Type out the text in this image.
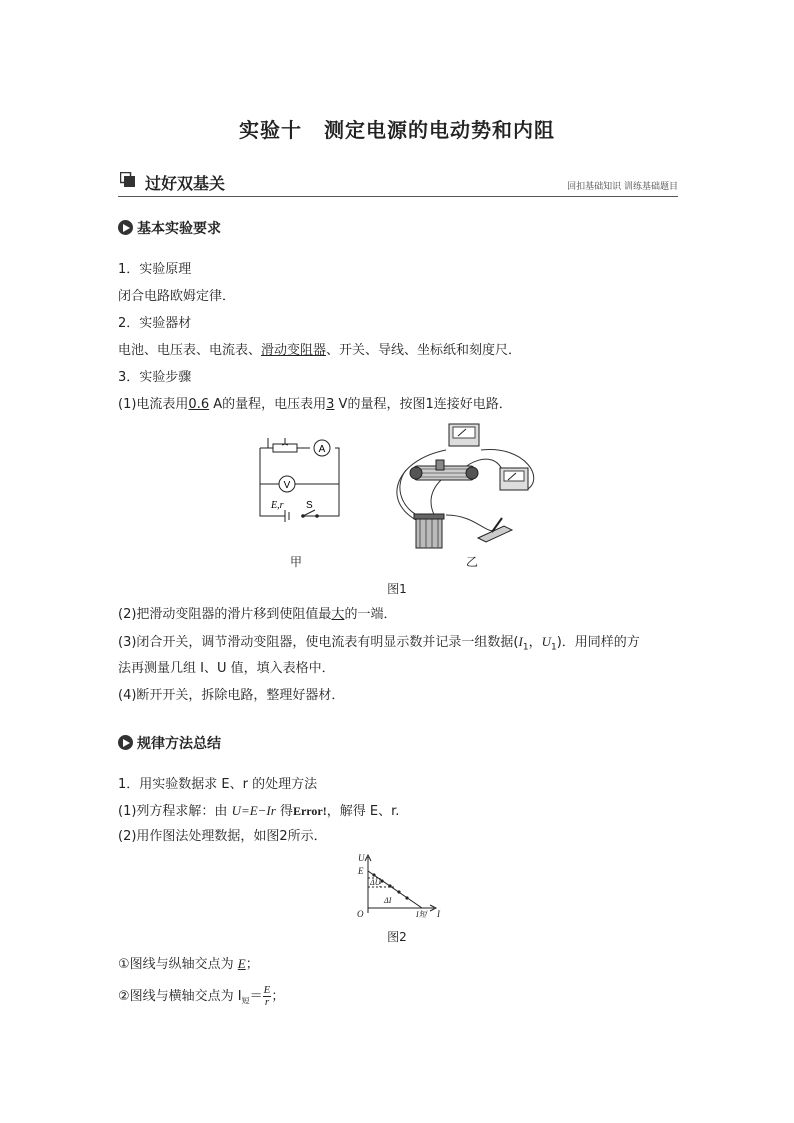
实验十 测定电源的电动势和内阻
过好双基关	回扣基础知识 训练基础题目
基本实验要求
1．实验原理
闭合电路欧姆定律．
2．实验器材
电池、电压表、电流表、滑动变阻器、开关、导线、坐标纸和刻度尺．
3．实验步骤
(1)电流表用0.6 A的量程，电压表用3 V的量程，按图1连接好电路．
A
V
E,r S
甲	乙
图1
(2)把滑动变阻器的滑片移到使阻值最大的一端．
(3)闭合开关，调节滑动变阻器，使电流表有明显示数并记录一组数据($I_1$，$U_1$)．用同样的方
法再测量几组 I、U 值，填入表格中．
(4)断开开关，拆除电路，整理好器材．
规律方法总结
1．用实验数据求 E、r 的处理方法
(1)列方程求解：由 U=E−Ir 得Error!，解得 E、r.
(2)用作图法处理数据，如图2所示．
U
E
O	I
I短
ΔU
ΔI
图2
①图线与纵轴交点为 E；
②图线与横轴交点为 $I_短= \frac{E}{r}$ ；
